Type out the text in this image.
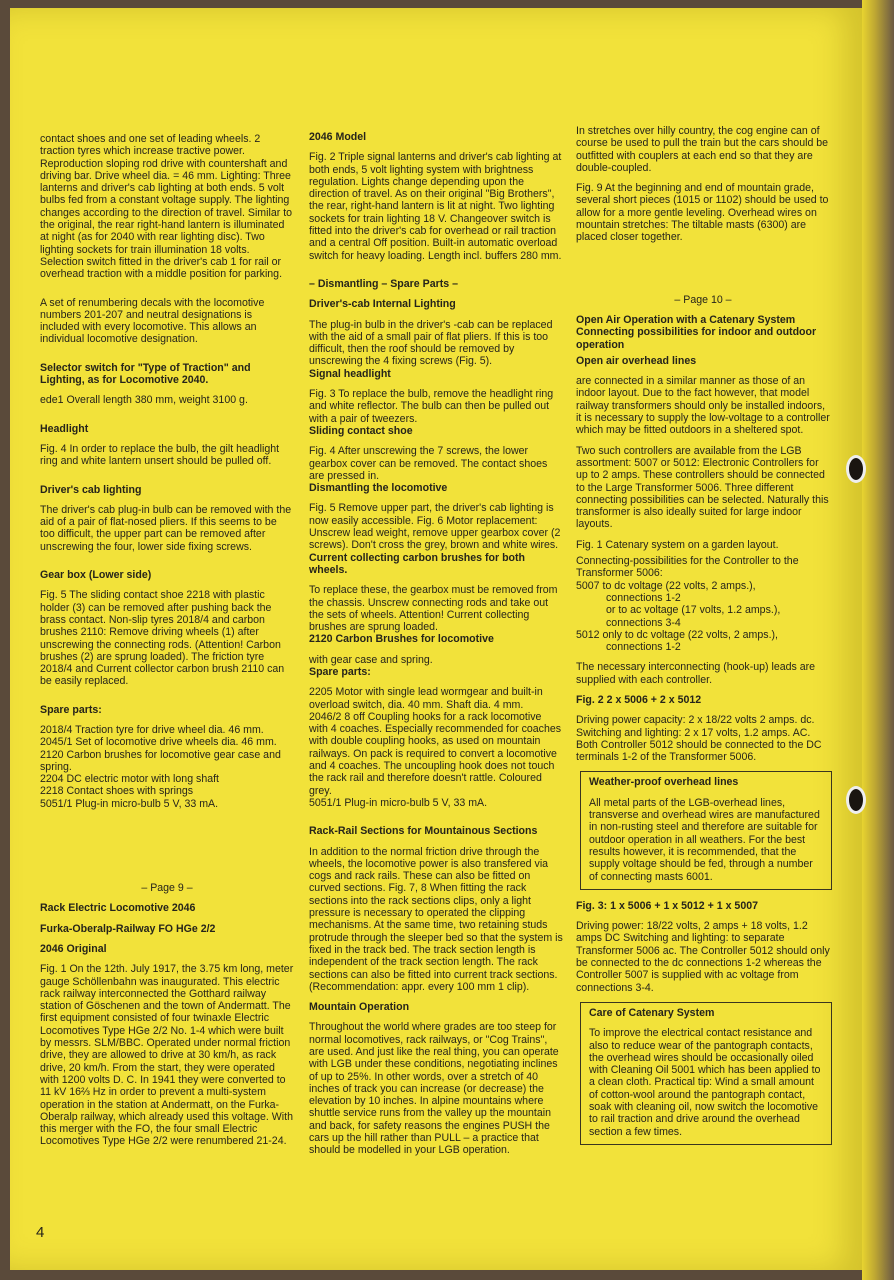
contact shoes and one set of leading wheels. 2 traction tyres which increase tractive power. Reproduction sloping rod drive with countershaft and driving bar. Drive wheel dia. = 46 mm. Lighting: Three lanterns and driver's cab lighting at both ends. 5 volt bulbs fed from a constant voltage supply. The lighting changes according to the direction of travel. Similar to the original, the rear right-hand lantern is illuminated at night (as for 2040 with rear lighting disc). Two lighting sockets for train illumination 18 volts. Selection switch fitted in the driver's cab 1 for rail or overhead traction with a middle position for parking.

A set of renumbering decals with the locomotive numbers 201-207 and neutral designations is included with every locomotive. This allows an individual locomotive designation.

Selector switch for "Type of Traction" and Lighting, as for Locomotive 2040.

ede1 Overall length 380 mm, weight 3100 g.

Headlight

Fig. 4 In order to replace the bulb, the gilt headlight ring and white lantern unsert should be pulled off.

Driver's cab lighting

The driver's cab plug-in bulb can be removed with the aid of a pair of flat-nosed pliers. If this seems to be too difficult, the upper part can be removed after unscrewing the four, lower side fixing screws.

Gear box (Lower side)

Fig. 5 The sliding contact shoe 2218 with plastic holder (3) can be removed after pushing back the brass contact. Non-slip tyres 2018/4 and carbon brushes 2110: Remove driving wheels (1) after unscrewing the connecting rods. (Attention! Carbon brushes (2) are sprung loaded). The friction tyre 2018/4 and Current collector carbon brush 2110 can be easily replaced.

Spare parts:

2018/4 Traction tyre for drive wheel dia. 46 mm.
2045/1 Set of locomotive drive wheels dia. 46 mm.
2120 Carbon brushes for locomotive gear case and spring.
2204 DC electric motor with long shaft
2218 Contact shoes with springs
5051/1 Plug-in micro-bulb 5 V, 33 mA.

– Page 9 –

Rack Electric Locomotive 2046

Furka-Oberalp-Railway FO HGe 2/2

2046 Original

Fig. 1 On the 12th. July 1917, the 3.75 km long, meter gauge Schöllenbahn was inaugurated. This electric rack railway interconnected the Gotthard railway station of Göschenen and the town of Andermatt. The first equipment consisted of four twinaxle Electric Locomotives Type HGe 2/2 No. 1-4 which were built by messrs. SLM/BBC. Operated under normal friction drive, they are allowed to drive at 30 km/h, as rack drive, 20 km/h. From the start, they were operated with 1200 volts D. C. In 1941 they were converted to 11 kV 16⅔ Hz in order to prevent a multi-system operation in the station at Andermatt, on the Furka-Oberalp railway, which already used this voltage. With this merger with the FO, the four small Electric Locomotives Type HGe 2/2 were renumbered 21-24.

2046 Model

Fig. 2 Triple signal lanterns and driver's cab lighting at both ends, 5 volt lighting system with brightness regulation. Lights change depending upon the direction of travel. As on their original "Big Brothers", the rear, right-hand lantern is lit at night. Two lighting sockets for train lighting 18 V. Changeover switch is fitted into the driver's cab for overhead or rail traction and a central Off position. Built-in automatic overload switch for heavy loading. Length incl. buffers 280 mm.

– Dismantling – Spare Parts –

Driver's-cab Internal Lighting

The plug-in bulb in the driver's -cab can be replaced with the aid of a small pair of flat pliers. If this is too difficult, then the roof should be removed by unscrewing the 4 fixing screws (Fig. 5).

Signal headlight

Fig. 3 To replace the bulb, remove the headlight ring and white reflector. The bulb can then be pulled out with a pair of tweezers.

Sliding contact shoe

Fig. 4 After unscrewing the 7 screws, the lower gearbox cover can be removed. The contact shoes are pressed in.

Dismantling the locomotive

Fig. 5 Remove upper part, the driver's cab lighting is now easily accessible. Fig. 6 Motor replacement: Unscrew lead weight, remove upper gearbox cover (2 screws). Don't cross the grey, brown and white wires.

Current collecting carbon brushes for both wheels.

To replace these, the gearbox must be removed from the chassis. Unscrew connecting rods and take out the sets of wheels. Attention! Current collecting brushes are sprung loaded.

2120 Carbon Brushes for locomotive

with gear case and spring.

Spare parts:

2205 Motor with single lead wormgear and built-in overload switch, dia. 40 mm. Shaft dia. 4 mm.

2046/2 8 off Coupling hooks for a rack locomotive with 4 coaches. Especially recommended for coaches with double coupling hooks, as used on mountain railways. On pack is required to convert a locomotive and 4 coaches. The uncoupling hook does not touch the rack rail and therefore doesn't rattle. Coloured grey.

5051/1 Plug-in micro-bulb 5 V, 33 mA.

Rack-Rail Sections for Mountainous Sections

In addition to the normal friction drive through the wheels, the locomotive power is also transfered via cogs and rack rails. These can also be fitted on curved sections. Fig. 7, 8 When fitting the rack sections into the rack sections clips, only a light pressure is necessary to operated the clipping mechanisms. At the same time, two retaining studs protrude through the sleeper bed so that the system is fixed in the track bed. The track section length is independent of the track section length. The rack sections can also be fitted into current track sections. (Recommendation: appr. every 100 mm 1 clip).

Mountain Operation

Throughout the world where grades are too steep for normal locomotives, rack railways, or "Cog Trains", are used. And just like the real thing, you can operate with LGB under these conditions, negotiating inclines of up to 25%. In other words, over a stretch of 40 inches of track you can increase (or decrease) the elevation by 10 inches. In alpine mountains where shuttle service runs from the valley up the mountain and back, for safety reasons the engines PUSH the cars up the hill rather than PULL – a practice that should be modelled in your LGB operation.

In stretches over hilly country, the cog engine can of course be used to pull the train but the cars should be outfitted with couplers at each end so that they are double-coupled.

Fig. 9 At the beginning and end of mountain grade, several short pieces (1015 or 1102) should be used to allow for a more gentle leveling. Overhead wires on mountain stretches: The tiltable masts (6300) are placed closer together.

– Page 10 –

Open Air Operation with a Catenary System Connecting possibilities for indoor and outdoor operation

Open air overhead lines

are connected in a similar manner as those of an indoor layout. Due to the fact however, that model railway transformers should only be installed indoors, it is necessary to supply the low-voltage to a controller which may be fitted outdoors in a sheltered spot.

Two such controllers are available from the LGB assortment: 5007 or 5012: Electronic Controllers for up to 2 amps. These controllers should be connected to the Large Transformer 5006. Three different connecting possibilities can be selected. Naturally this transformer is also ideally suited for large indoor layouts.

Fig. 1 Catenary system on a garden layout.

Connecting-possibilities for the Controller to the Transformer 5006:

5007 to dc voltage (22 volts, 2 amps.),
connections 1-2
or to ac voltage (17 volts, 1.2 amps.),
connections 3-4
5012 only to dc voltage (22 volts, 2 amps.),
connections 1-2

The necessary interconnecting (hook-up) leads are supplied with each controller.

Fig. 2 2 x 5006 + 2 x 5012

Driving power capacity: 2 x 18/22 volts 2 amps. dc. Switching and lighting: 2 x 17 volts, 1.2 amps. AC. Both Controller 5012 should be connected to the DC terminals 1-2 of the Transformer 5006.

Weather-proof overhead lines

All metal parts of the LGB-overhead lines, transverse and overhead wires are manufactured in non-rusting steel and therefore are suitable for outdoor operation in all weathers. For the best results however, it is recommended, that the supply voltage should be fed, through a number of connecting masts 6001.

Fig. 3: 1 x 5006 + 1 x 5012 + 1 x 5007

Driving power: 18/22 volts, 2 amps + 18 volts, 1.2 amps DC Switching and lighting: to separate Transformer 5006 ac. The Controller 5012 should only be connected to the dc connections 1-2 whereas the Controller 5007 is supplied with ac voltage from connections 3-4.

Care of Catenary System

To improve the electrical contact resistance and also to reduce wear of the pantograph contacts, the overhead wires should be occasionally oiled with Cleaning Oil 5001 which has been applied to a clean cloth. Practical tip: Wind a small amount of cotton-wool around the pantograph contact, soak with cleaning oil, now switch the locomotive to rail traction and drive around the overhead section a few times.

4
